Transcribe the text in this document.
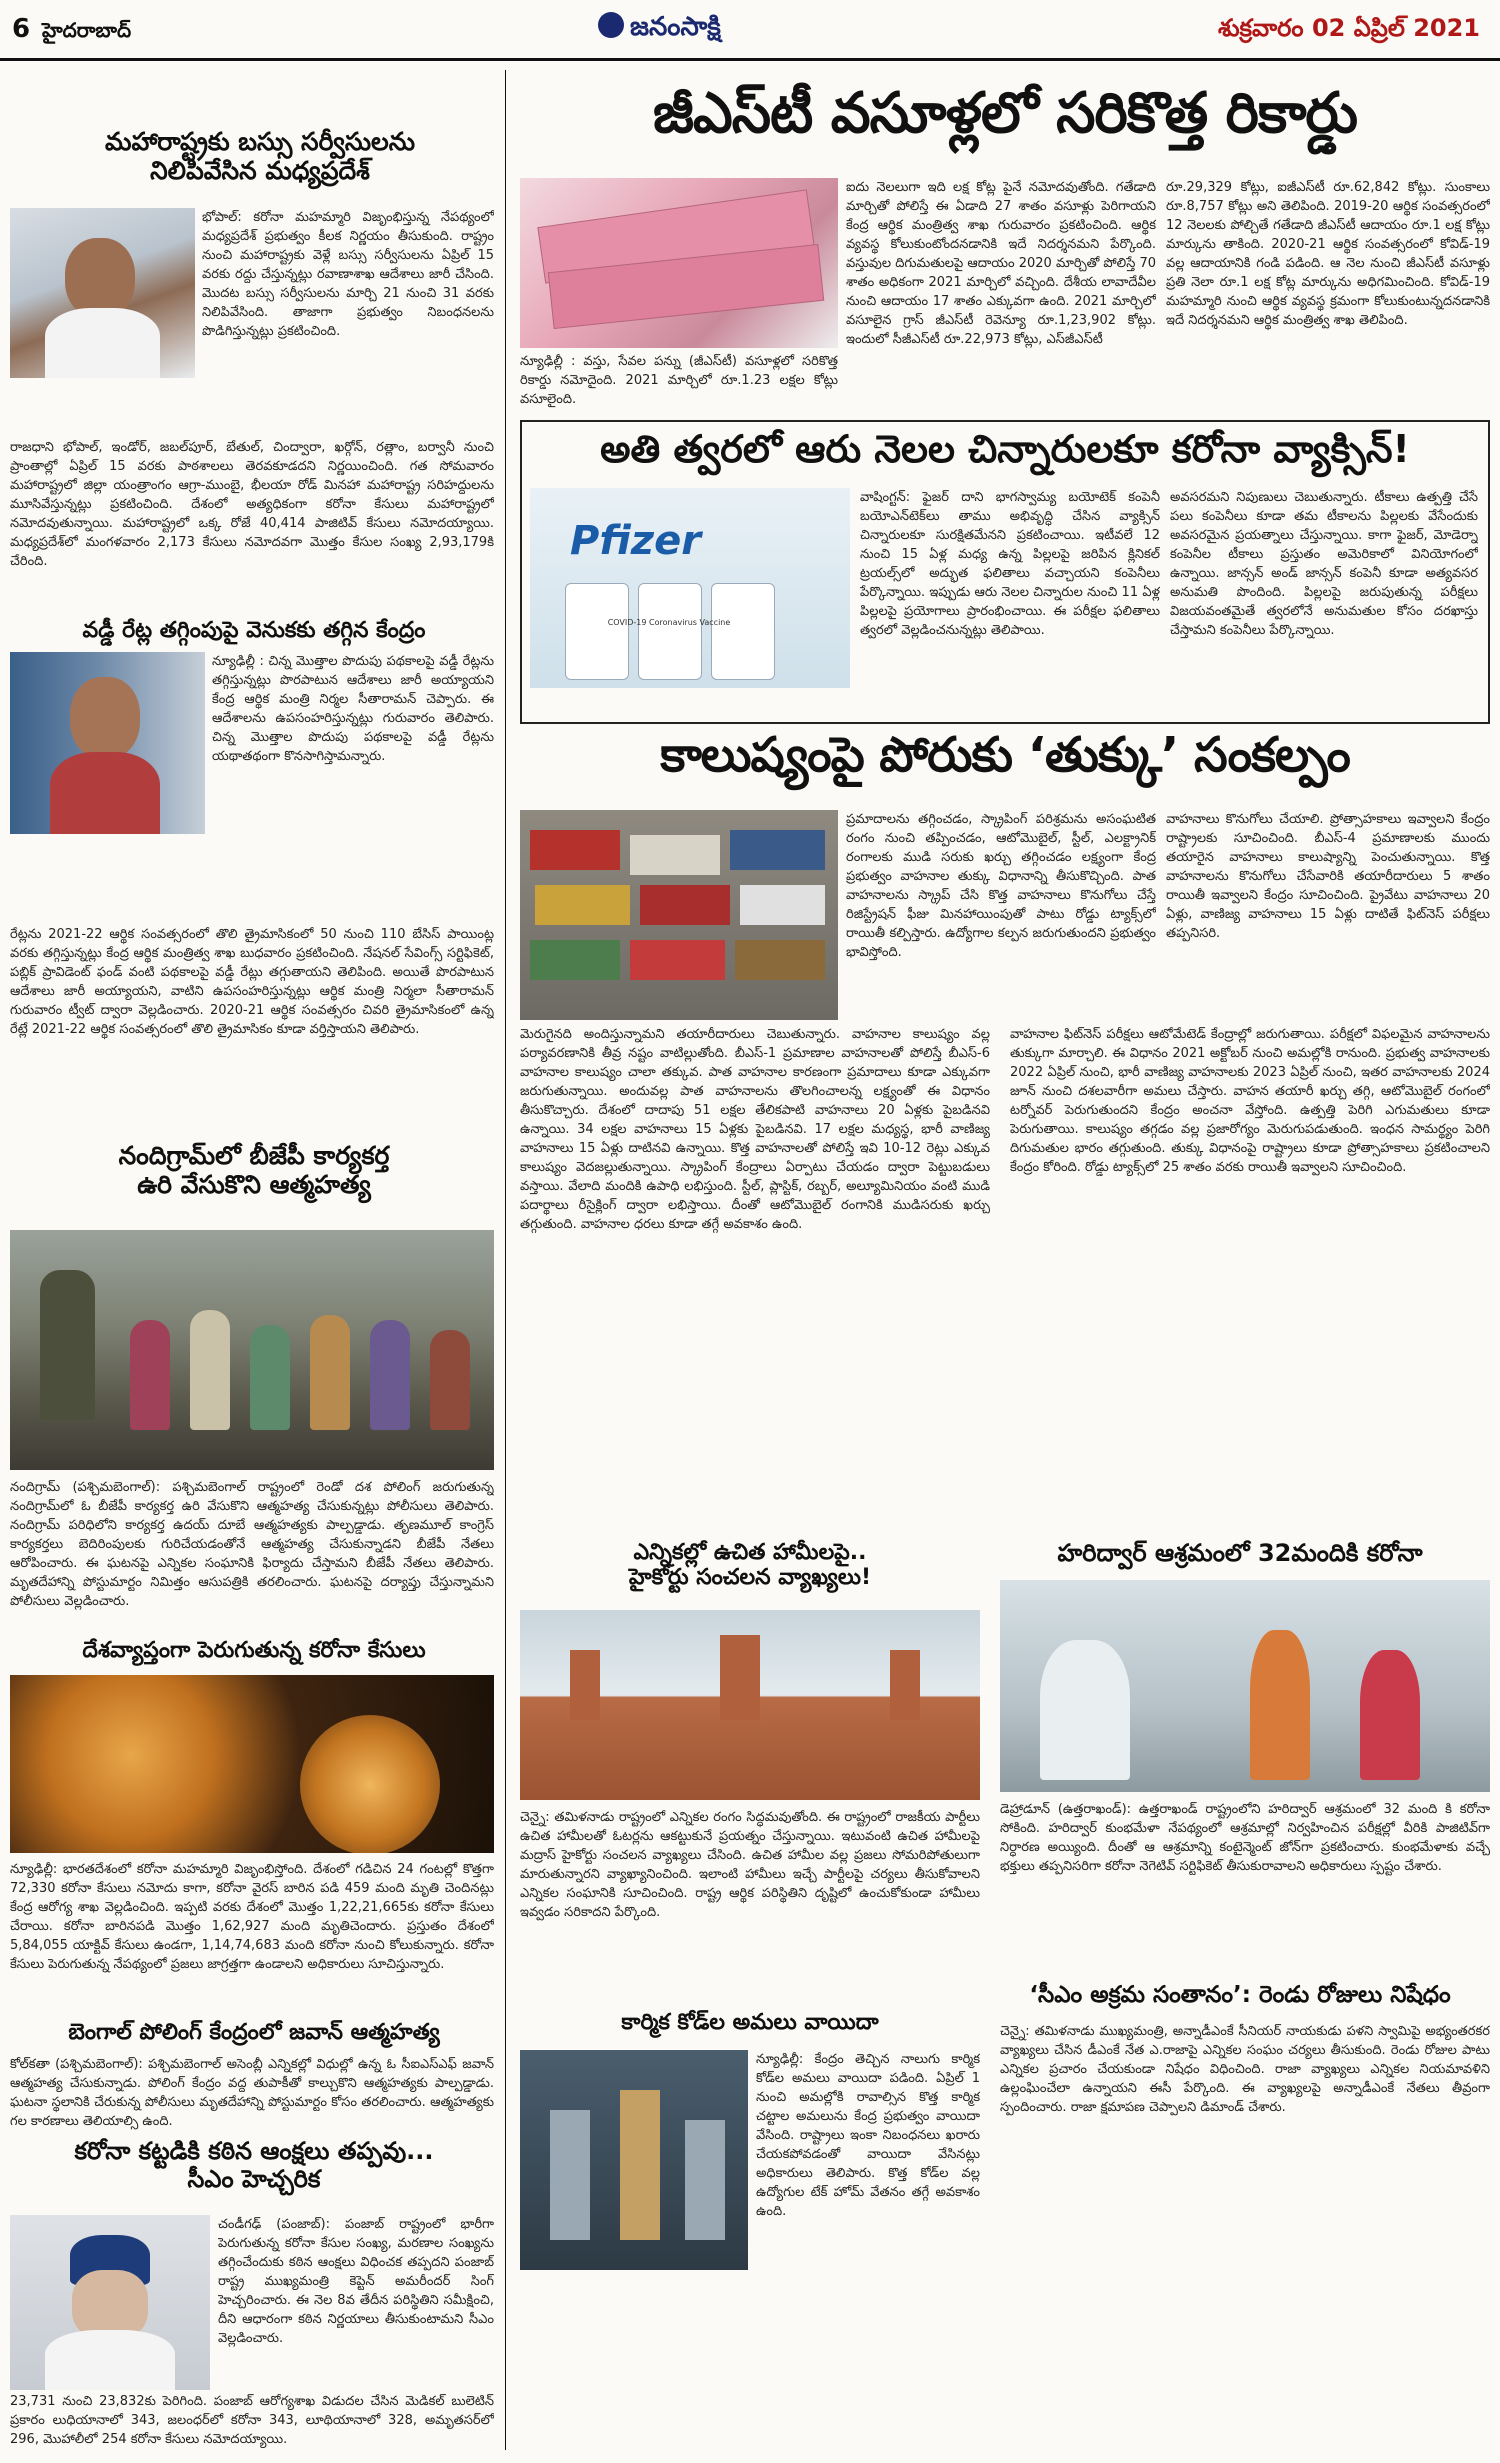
6 హైదరాబాద్	జనంసాక్షి	శుక్రవారం 02 ఏప్రిల్ 2021
మహారాష్ట్రకు బస్సు సర్వీసులను
నిలిపివేసిన మధ్యప్రదేశ్
భోపాల్: కరోనా మహమ్మారి విజృంభిస్తున్న నేపథ్యంలో మధ్యప్రదేశ్ ప్రభుత్వం కీలక నిర్ణయం తీసుకుంది. రాష్ట్రం నుంచి మహారాష్ట్రకు వెళ్లే బస్సు సర్వీసులను ఏప్రిల్ 15 వరకు రద్దు చేస్తున్నట్లు రవాణాశాఖ ఆదేశాలు జారీ చేసింది. మొదట బస్సు సర్వీసులను మార్చి 21 నుంచి 31 వరకు నిలిపివేసింది. తాజాగా ప్రభుత్వం నిబంధనలను పొడిగిస్తున్నట్లు ప్రకటించింది.
రాజధాని భోపాల్, ఇండోర్, జబల్‌పూర్, బేతుల్, చింద్వారా, ఖర్గోన్, రత్లాం, బర్వానీ నుంచి ప్రాంతాల్లో ఏప్రిల్ 15 వరకు పాఠశాలలు తెరవకూడదని నిర్ణయించింది. గత సోమవారం మహారాష్ట్రలో జిల్లా యంత్రాంగం ఆగ్రా-ముంబై, భీలయా రోడ్ మినహా మహారాష్ట్ర సరిహద్దులను మూసివేస్తున్నట్లు ప్రకటించింది. దేశంలో అత్యధికంగా కరోనా కేసులు మహారాష్ట్రలో నమోదవుతున్నాయి. మహారాష్ట్రలో ఒక్క రోజే 40,414 పాజిటివ్ కేసులు నమోదయ్యాయి. మధ్యప్రదేశ్‌లో మంగళవారం 2,173 కేసులు నమోదవగా మొత్తం కేసుల సంఖ్య 2,93,179కి చేరింది.
వడ్డీ రేట్ల తగ్గింపుపై వెనుకకు తగ్గిన కేంద్రం
న్యూఢిల్లీ : చిన్న మొత్తాల పొదుపు పథకాలపై వడ్డీ రేట్లను తగ్గిస్తున్నట్లు పొరపాటున ఆదేశాలు జారీ అయ్యాయని కేంద్ర ఆర్థిక మంత్రి నిర్మల సీతారామన్ చెప్పారు. ఈ ఆదేశాలను ఉపసంహరిస్తున్నట్లు గురువారం తెలిపారు. చిన్న మొత్తాల పొదుపు పథకాలపై వడ్డీ రేట్లను యథాతథంగా కొనసాగిస్తామన్నారు.
రేట్లను 2021-22 ఆర్థిక సంవత్సరంలో తొలి త్రైమాసికంలో 50 నుంచి 110 బేసిస్ పాయింట్ల వరకు తగ్గిస్తున్నట్లు కేంద్ర ఆర్థిక మంత్రిత్వ శాఖ బుధవారం ప్రకటించింది. నేషనల్ సేవింగ్స్ సర్టిఫికెట్, పబ్లిక్ ప్రావిడెంట్ ఫండ్ వంటి పథకాలపై వడ్డీ రేట్లు తగ్గుతాయని తెలిపింది. అయితే పొరపాటున ఆదేశాలు జారీ అయ్యాయని, వాటిని ఉపసంహరిస్తున్నట్లు ఆర్థిక మంత్రి నిర్మలా సీతారామన్ గురువారం ట్వీట్ ద్వారా వెల్లడించారు. 2020-21 ఆర్థిక సంవత్సరం చివరి త్రైమాసికంలో ఉన్న రేట్లే 2021-22 ఆర్థిక సంవత్సరంలో తొలి త్రైమాసికం కూడా వర్తిస్తాయని తెలిపారు.
నందిగ్రామ్‌లో బీజేపీ కార్యకర్త
ఉరి వేసుకొని ఆత్మహత్య
నందిగ్రామ్ (పశ్చిమబెంగాల్): పశ్చిమబెంగాల్ రాష్ట్రంలో రెండో దశ పోలింగ్ జరుగుతున్న నందిగ్రామ్‌లో ఓ బీజేపీ కార్యకర్త ఉరి వేసుకొని ఆత్మహత్య చేసుకున్నట్లు పోలీసులు తెలిపారు. నందిగ్రామ్ పరిధిలోని కార్యకర్త ఉదయ్ దూబే ఆత్మహత్యకు పాల్పడ్డాడు. తృణమూల్ కాంగ్రెస్ కార్యకర్తలు బెదిరింపులకు గురిచేయడంతోనే ఆత్మహత్య చేసుకున్నాడని బీజేపీ నేతలు ఆరోపించారు. ఈ ఘటనపై ఎన్నికల సంఘానికి ఫిర్యాదు చేస్తామని బీజేపీ నేతలు తెలిపారు. మృతదేహాన్ని పోస్టుమార్టం నిమిత్తం ఆసుపత్రికి తరలించారు. ఘటనపై దర్యాప్తు చేస్తున్నామని పోలీసులు వెల్లడించారు.
దేశవ్యాప్తంగా పెరుగుతున్న కరోనా కేసులు
న్యూఢిల్లీ: భారతదేశంలో కరోనా మహమ్మారి విజృంభిస్తోంది. దేశంలో గడిచిన 24 గంటల్లో కొత్తగా 72,330 కరోనా కేసులు నమోదు కాగా, కరోనా వైరస్ బారిన పడి 459 మంది మృతి చెందినట్లు కేంద్ర ఆరోగ్య శాఖ వెల్లడించింది. ఇప్పటి వరకు దేశంలో మొత్తం 1,22,21,665కు కరోనా కేసులు చేరాయి. కరోనా బారినపడి మొత్తం 1,62,927 మంది మృతిచెందారు. ప్రస్తుతం దేశంలో 5,84,055 యాక్టివ్ కేసులు ఉండగా, 1,14,74,683 మంది కరోనా నుంచి కోలుకున్నారు. కరోనా కేసులు పెరుగుతున్న నేపథ్యంలో ప్రజలు జాగ్రత్తగా ఉండాలని అధికారులు సూచిస్తున్నారు.
బెంగాల్ పోలింగ్ కేంద్రంలో జవాన్ ఆత్మహత్య
కోల్‌కతా (పశ్చిమబెంగాల్): పశ్చిమబెంగాల్ అసెంబ్లీ ఎన్నికల్లో విధుల్లో ఉన్న ఓ సీఐఎస్ఎఫ్ జవాన్ ఆత్మహత్య చేసుకున్నాడు. పోలింగ్ కేంద్రం వద్ద తుపాకీతో కాల్చుకొని ఆత్మహత్యకు పాల్పడ్డాడు. ఘటనా స్థలానికి చేరుకున్న పోలీసులు మృతదేహాన్ని పోస్టుమార్టం కోసం తరలించారు. ఆత్మహత్యకు గల కారణాలు తెలియాల్సి ఉంది.
కరోనా కట్టడికి కఠిన ఆంక్షలు తప్పవు...
సీఎం హెచ్చరిక
చండీగఢ్ (పంజాబ్): పంజాబ్ రాష్ట్రంలో భారీగా పెరుగుతున్న కరోనా కేసుల సంఖ్య, మరణాల సంఖ్యను తగ్గించేందుకు కఠిన ఆంక్షలు విధించక తప్పదని పంజాబ్ రాష్ట్ర ముఖ్యమంత్రి కెప్టెన్ అమరీందర్ సింగ్ హెచ్చరించారు. ఈ నెల 8వ తేదీన పరిస్థితిని సమీక్షించి, దీని ఆధారంగా కఠిన నిర్ణయాలు తీసుకుంటామని సీఎం వెల్లడించారు.
23,731 నుంచి 23,832కు పెరిగింది. పంజాబ్ ఆరోగ్యశాఖ విడుదల చేసిన మెడికల్ బులెటిన్ ప్రకారం లుధియానాలో 343, జలంధర్‌లో కరోనా 343, లూథియానాలో 328, అమృతసర్‌లో 296, మొహాలీలో 254 కరోనా కేసులు నమోదయ్యాయి.
జీఎస్‌టీ వసూళ్లలో సరికొత్త రికార్డు
న్యూఢిల్లీ : వస్తు, సేవల పన్ను (జీఎస్‌టీ) వసూళ్లలో సరికొత్త రికార్డు నమోదైంది. 2021 మార్చిలో రూ.1.23 లక్షల కోట్లు వసూలైంది.
ఐదు నెలలుగా ఇది లక్ష కోట్ల పైనే నమోదవుతోంది. గతేడాది మార్చితో పోలిస్తే ఈ ఏడాది 27 శాతం వసూళ్లు పెరిగాయని కేంద్ర ఆర్థిక మంత్రిత్వ శాఖ గురువారం ప్రకటించింది. ఆర్థిక వ్యవస్థ కోలుకుంటోందనడానికి ఇదే నిదర్శనమని పేర్కొంది. వస్తువుల దిగుమతులపై ఆదాయం 2020 మార్చితో పోలిస్తే 70 శాతం అధికంగా 2021 మార్చిలో వచ్చింది. దేశీయ లావాదేవీల నుంచి ఆదాయం 17 శాతం ఎక్కువగా ఉంది. 2021 మార్చిలో వసూలైన గ్రాస్ జీఎస్‌టీ రెవెన్యూ రూ.1,23,902 కోట్లు. ఇందులో సీజీఎస్‌టీ రూ.22,973 కోట్లు, ఎస్‌జీఎస్‌టీ
రూ.29,329 కోట్లు, ఐజీఎస్‌టీ రూ.62,842 కోట్లు. సుంకాలు రూ.8,757 కోట్లు అని తెలిపింది. 2019-20 ఆర్థిక సంవత్సరంలో 12 నెలలకు పోల్చితే గతేడాది జీఎస్‌టీ ఆదాయం రూ.1 లక్ష కోట్లు మార్కును తాకింది. 2020-21 ఆర్థిక సంవత్సరంలో కోవిడ్-19 వల్ల ఆదాయానికి గండి పడింది. ఆ నెల నుంచి జీఎస్‌టీ వసూళ్లు ప్రతి నెలా రూ.1 లక్ష కోట్ల మార్కును అధిగమించింది. కోవిడ్-19 మహమ్మారి నుంచి ఆర్థిక వ్యవస్థ క్రమంగా కోలుకుంటున్నదనడానికి ఇదే నిదర్శనమని ఆర్థిక మంత్రిత్వ శాఖ తెలిపింది.
అతి త్వరలో ఆరు నెలల చిన్నారులకూ కరోనా వ్యాక్సిన్!
Pfizer
COVID-19 Coronavirus Vaccine
వాషింగ్టన్: ఫైజర్ దాని భాగస్వామ్య బయోటెక్ కంపెనీ బయోఎన్‌టెక్‌లు తాము అభివృద్ధి చేసిన వ్యాక్సిన్ చిన్నారులకూ సురక్షితమేనని ప్రకటించాయి. ఇటీవలే 12 నుంచి 15 ఏళ్ల మధ్య ఉన్న పిల్లలపై జరిపిన క్లినికల్ ట్రయల్స్‌లో అద్భుత ఫలితాలు వచ్చాయని కంపెనీలు పేర్కొన్నాయి. ఇప్పుడు ఆరు నెలల చిన్నారుల నుంచి 11 ఏళ్ల పిల్లలపై ప్రయోగాలు ప్రారంభించాయి. ఈ పరీక్షల ఫలితాలు త్వరలో వెల్లడించనున్నట్లు తెలిపాయి.
అవసరమని నిపుణులు చెబుతున్నారు. టీకాలు ఉత్పత్తి చేసే పలు కంపెనీలు కూడా తమ టీకాలను పిల్లలకు వేసేందుకు అవసరమైన ప్రయత్నాలు చేస్తున్నాయి. కాగా ఫైజర్, మోడెర్నా కంపెనీల టీకాలు ప్రస్తుతం అమెరికాలో వినియోగంలో ఉన్నాయి. జాన్సన్ అండ్ జాన్సన్ కంపెనీ కూడా అత్యవసర అనుమతి పొందింది. పిల్లలపై జరుపుతున్న పరీక్షలు విజయవంతమైతే త్వరలోనే అనుమతుల కోసం దరఖాస్తు చేస్తామని కంపెనీలు పేర్కొన్నాయి.
కాలుష్యంపై పోరుకు ‘తుక్కు’ సంకల్పం
ప్రమాదాలను తగ్గించడం, స్క్రాపింగ్ పరిశ్రమను అసంఘటిత రంగం నుంచి తప్పించడం, ఆటోమొబైల్, స్టీల్, ఎలక్ట్రానిక్ రంగాలకు ముడి సరుకు ఖర్చు తగ్గించడం లక్ష్యంగా కేంద్ర ప్రభుత్వం వాహనాల తుక్కు విధానాన్ని తీసుకొచ్చింది. పాత వాహనాలను స్క్రాప్ చేసి కొత్త వాహనాలు కొనుగోలు చేస్తే రిజిస్ట్రేషన్ ఫీజు మినహాయింపుతో పాటు రోడ్డు ట్యాక్స్‌లో రాయితీ కల్పిస్తారు. ఉద్యోగాల కల్పన జరుగుతుందని ప్రభుత్వం భావిస్తోంది.
వాహనాలు కొనుగోలు చేయాలి. ప్రోత్సాహకాలు ఇవ్వాలని కేంద్రం రాష్ట్రాలకు సూచించింది. బీఎస్-4 ప్రమాణాలకు ముందు తయారైన వాహనాలు కాలుష్యాన్ని పెంచుతున్నాయి. కొత్త వాహనాలను కొనుగోలు చేసేవారికి తయారీదారులు 5 శాతం రాయితీ ఇవ్వాలని కేంద్రం సూచించింది. ప్రైవేటు వాహనాలు 20 ఏళ్లు, వాణిజ్య వాహనాలు 15 ఏళ్లు దాటితే ఫిట్‌నెస్ పరీక్షలు తప్పనిసరి.
మెరుగైనది అందిస్తున్నామని తయారీదారులు చెబుతున్నారు. వాహనాల కాలుష్యం వల్ల పర్యావరణానికి తీవ్ర నష్టం వాటిల్లుతోంది. బీఎస్-1 ప్రమాణాల వాహనాలతో పోలిస్తే బీఎస్-6 వాహనాల కాలుష్యం చాలా తక్కువ. పాత వాహనాల కారణంగా ప్రమాదాలు కూడా ఎక్కువగా జరుగుతున్నాయి. అందువల్ల పాత వాహనాలను తొలగించాలన్న లక్ష్యంతో ఈ విధానం తీసుకొచ్చారు. దేశంలో దాదాపు 51 లక్షల తేలికపాటి వాహనాలు 20 ఏళ్లకు పైబడినవి ఉన్నాయి. 34 లక్షల వాహనాలు 15 ఏళ్లకు పైబడినవి. 17 లక్షల మధ్యస్థ, భారీ వాణిజ్య వాహనాలు 15 ఏళ్లు దాటినవి ఉన్నాయి. కొత్త వాహనాలతో పోలిస్తే ఇవి 10-12 రెట్లు ఎక్కువ కాలుష్యం వెదజల్లుతున్నాయి. స్క్రాపింగ్ కేంద్రాలు ఏర్పాటు చేయడం ద్వారా పెట్టుబడులు వస్తాయి. వేలాది మందికి ఉపాధి లభిస్తుంది. స్టీల్, ప్లాస్టిక్, రబ్బర్, అల్యూమినియం వంటి ముడి పదార్థాలు రీసైక్లింగ్ ద్వారా లభిస్తాయి. దీంతో ఆటోమొబైల్ రంగానికి ముడిసరుకు ఖర్చు తగ్గుతుంది. వాహనాల ధరలు కూడా తగ్గే అవకాశం ఉంది.
వాహనాల ఫిట్‌నెస్ పరీక్షలు ఆటోమేటెడ్ కేంద్రాల్లో జరుగుతాయి. పరీక్షలో విఫలమైన వాహనాలను తుక్కుగా మార్చాలి. ఈ విధానం 2021 అక్టోబర్ నుంచి అమల్లోకి రానుంది. ప్రభుత్వ వాహనాలకు 2022 ఏప్రిల్ నుంచి, భారీ వాణిజ్య వాహనాలకు 2023 ఏప్రిల్ నుంచి, ఇతర వాహనాలకు 2024 జూన్ నుంచి దశలవారీగా అమలు చేస్తారు. వాహన తయారీ ఖర్చు తగ్గి, ఆటోమొబైల్ రంగంలో టర్నోవర్ పెరుగుతుందని కేంద్రం అంచనా వేస్తోంది. ఉత్పత్తి పెరిగి ఎగుమతులు కూడా పెరుగుతాయి. కాలుష్యం తగ్గడం వల్ల ప్రజారోగ్యం మెరుగుపడుతుంది. ఇంధన సామర్థ్యం పెరిగి దిగుమతుల భారం తగ్గుతుంది. తుక్కు విధానంపై రాష్ట్రాలు కూడా ప్రోత్సాహకాలు ప్రకటించాలని కేంద్రం కోరింది. రోడ్డు ట్యాక్స్‌లో 25 శాతం వరకు రాయితీ ఇవ్వాలని సూచించింది.
ఎన్నికల్లో ఉచిత హామీలపై..
హైకోర్టు సంచలన వ్యాఖ్యలు!
చెన్నై: తమిళనాడు రాష్ట్రంలో ఎన్నికల రంగం సిద్ధమవుతోంది. ఈ రాష్ట్రంలో రాజకీయ పార్టీలు ఉచిత హామీలతో ఓటర్లను ఆకట్టుకునే ప్రయత్నం చేస్తున్నాయి. ఇటువంటి ఉచిత హామీలపై మద్రాస్ హైకోర్టు సంచలన వ్యాఖ్యలు చేసింది. ఉచిత హామీల వల్ల ప్రజలు సోమరిపోతులుగా మారుతున్నారని వ్యాఖ్యానించింది. ఇలాంటి హామీలు ఇచ్చే పార్టీలపై చర్యలు తీసుకోవాలని ఎన్నికల సంఘానికి సూచించింది. రాష్ట్ర ఆర్థిక పరిస్థితిని దృష్టిలో ఉంచుకోకుండా హామీలు ఇవ్వడం సరికాదని పేర్కొంది.
హరిద్వార్ ఆశ్రమంలో 32మందికి కరోనా
డెహ్రాడూన్ (ఉత్తరాఖండ్): ఉత్తరాఖండ్ రాష్ట్రంలోని హరిద్వార్ ఆశ్రమంలో 32 మంది కి కరోనా సోకింది. హరిద్వార్ కుంభమేళా నేపథ్యంలో ఆశ్రమాల్లో నిర్వహించిన పరీక్షల్లో వీరికి పాజిటివ్‌గా నిర్ధారణ అయ్యింది. దీంతో ఆ ఆశ్రమాన్ని కంటైన్మెంట్ జోన్‌గా ప్రకటించారు. కుంభమేళాకు వచ్చే భక్తులు తప్పనిసరిగా కరోనా నెగెటివ్ సర్టిఫికెట్ తీసుకురావాలని అధికారులు స్పష్టం చేశారు.
‘సీఎం అక్రమ సంతానం’: రెండు రోజులు నిషేధం
చెన్నై: తమిళనాడు ముఖ్యమంత్రి, అన్నాడీఎంకే సీనియర్ నాయకుడు పళని స్వామిపై అభ్యంతరకర వ్యాఖ్యలు చేసిన డీఎంకే నేత ఎ.రాజాపై ఎన్నికల సంఘం చర్యలు తీసుకుంది. రెండు రోజుల పాటు ఎన్నికల ప్రచారం చేయకుండా నిషేధం విధించింది. రాజా వ్యాఖ్యలు ఎన్నికల నియమావళిని ఉల్లంఘించేలా ఉన్నాయని ఈసీ పేర్కొంది. ఈ వ్యాఖ్యలపై అన్నాడీఎంకే నేతలు తీవ్రంగా స్పందించారు. రాజా క్షమాపణ చెప్పాలని డిమాండ్ చేశారు.
కార్మిక కోడ్‌ల అమలు వాయిదా
న్యూఢిల్లీ: కేంద్రం తెచ్చిన నాలుగు కార్మిక కోడ్‌ల అమలు వాయిదా పడింది. ఏప్రిల్ 1 నుంచి అమల్లోకి రావాల్సిన కొత్త కార్మిక చట్టాల అమలును కేంద్ర ప్రభుత్వం వాయిదా వేసింది. రాష్ట్రాలు ఇంకా నిబంధనలు ఖరారు చేయకపోవడంతో వాయిదా వేసినట్లు అధికారులు తెలిపారు. కొత్త కోడ్‌ల వల్ల ఉద్యోగుల టేక్ హోమ్ వేతనం తగ్గే అవకాశం ఉంది.
